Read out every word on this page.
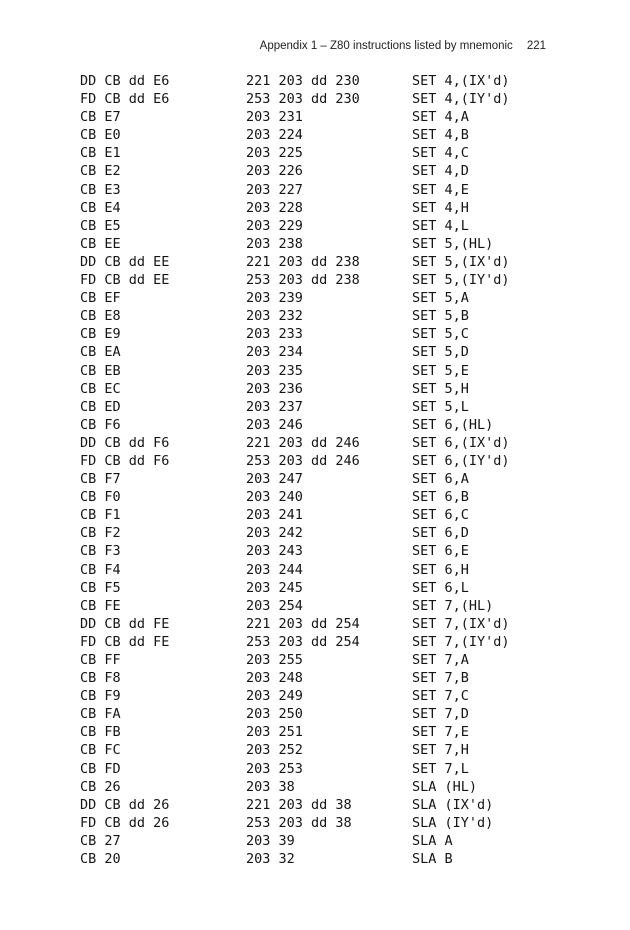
Appendix 1 – Z80 instructions listed by mnemonic 221
DD CB dd E6	221 203 dd 230	SET 4,(IX'd)
FD CB dd E6	253 203 dd 230	SET 4,(IY'd)
CB E7	203 231	SET 4,A
CB E0	203 224	SET 4,B
CB E1	203 225	SET 4,C
CB E2	203 226	SET 4,D
CB E3	203 227	SET 4,E
CB E4	203 228	SET 4,H
CB E5	203 229	SET 4,L
CB EE	203 238	SET 5,(HL)
DD CB dd EE	221 203 dd 238	SET 5,(IX'd)
FD CB dd EE	253 203 dd 238	SET 5,(IY'd)
CB EF	203 239	SET 5,A
CB E8	203 232	SET 5,B
CB E9	203 233	SET 5,C
CB EA	203 234	SET 5,D
CB EB	203 235	SET 5,E
CB EC	203 236	SET 5,H
CB ED	203 237	SET 5,L
CB F6	203 246	SET 6,(HL)
DD CB dd F6	221 203 dd 246	SET 6,(IX'd)
FD CB dd F6	253 203 dd 246	SET 6,(IY'd)
CB F7	203 247	SET 6,A
CB F0	203 240	SET 6,B
CB F1	203 241	SET 6,C
CB F2	203 242	SET 6,D
CB F3	203 243	SET 6,E
CB F4	203 244	SET 6,H
CB F5	203 245	SET 6,L
CB FE	203 254	SET 7,(HL)
DD CB dd FE	221 203 dd 254	SET 7,(IX'd)
FD CB dd FE	253 203 dd 254	SET 7,(IY'd)
CB FF	203 255	SET 7,A
CB F8	203 248	SET 7,B
CB F9	203 249	SET 7,C
CB FA	203 250	SET 7,D
CB FB	203 251	SET 7,E
CB FC	203 252	SET 7,H
CB FD	203 253	SET 7,L
CB 26	203 38	SLA (HL)
DD CB dd 26	221 203 dd 38	SLA (IX'd)
FD CB dd 26	253 203 dd 38	SLA (IY'd)
CB 27	203 39	SLA A
CB 20	203 32	SLA B
